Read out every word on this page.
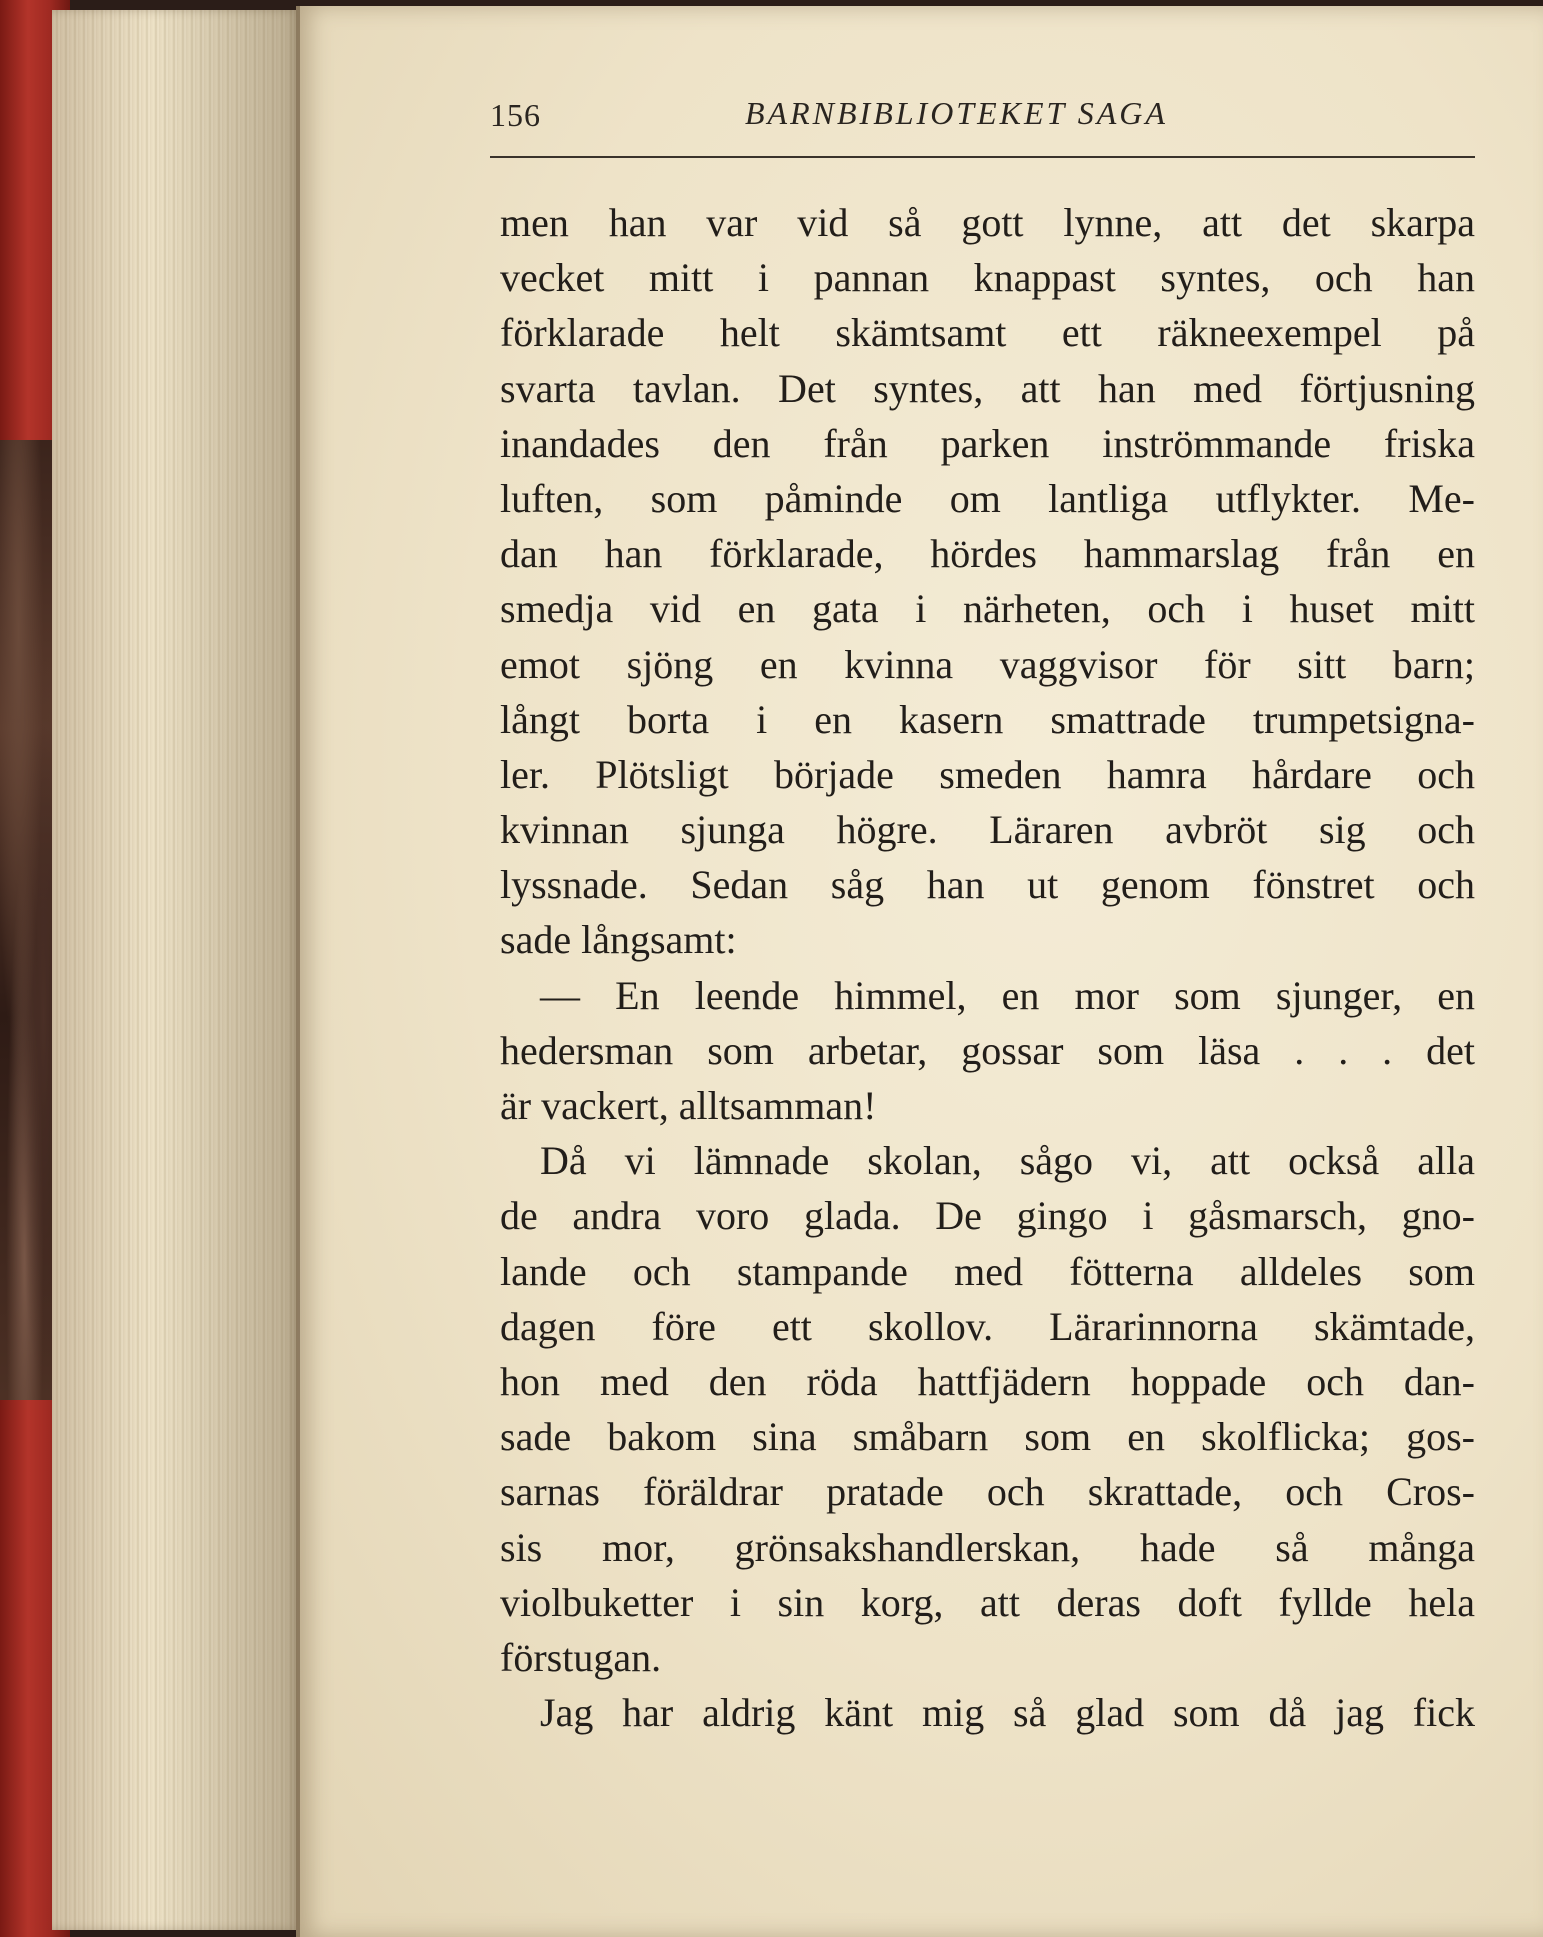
156	BARNBIBLIOTEKET SAGA
men han var vid så gott lynne, att det skarpa
vecket mitt i pannan knappast syntes, och han
förklarade helt skämtsamt ett räkneexempel på
svarta tavlan. Det syntes, att han med förtjusning
inandades den från parken inströmmande friska
luften, som påminde om lantliga utflykter. Me-
dan han förklarade, hördes hammarslag från en
smedja vid en gata i närheten, och i huset mitt
emot sjöng en kvinna vaggvisor för sitt barn;
långt borta i en kasern smattrade trumpetsigna-
ler. Plötsligt började smeden hamra hårdare och
kvinnan sjunga högre. Läraren avbröt sig och
lyssnade. Sedan såg han ut genom fönstret och
sade långsamt:
— En leende himmel, en mor som sjunger, en
hedersman som arbetar, gossar som läsa . . . det
är vackert, alltsamman!
Då vi lämnade skolan, sågo vi, att också alla
de andra voro glada. De gingo i gåsmarsch, gno-
lande och stampande med fötterna alldeles som
dagen före ett skollov. Lärarinnorna skämtade,
hon med den röda hattfjädern hoppade och dan-
sade bakom sina småbarn som en skolflicka; gos-
sarnas föräldrar pratade och skrattade, och Cros-
sis mor, grönsakshandlerskan, hade så många
violbuketter i sin korg, att deras doft fyllde hela
förstugan.
Jag har aldrig känt mig så glad som då jag fick
